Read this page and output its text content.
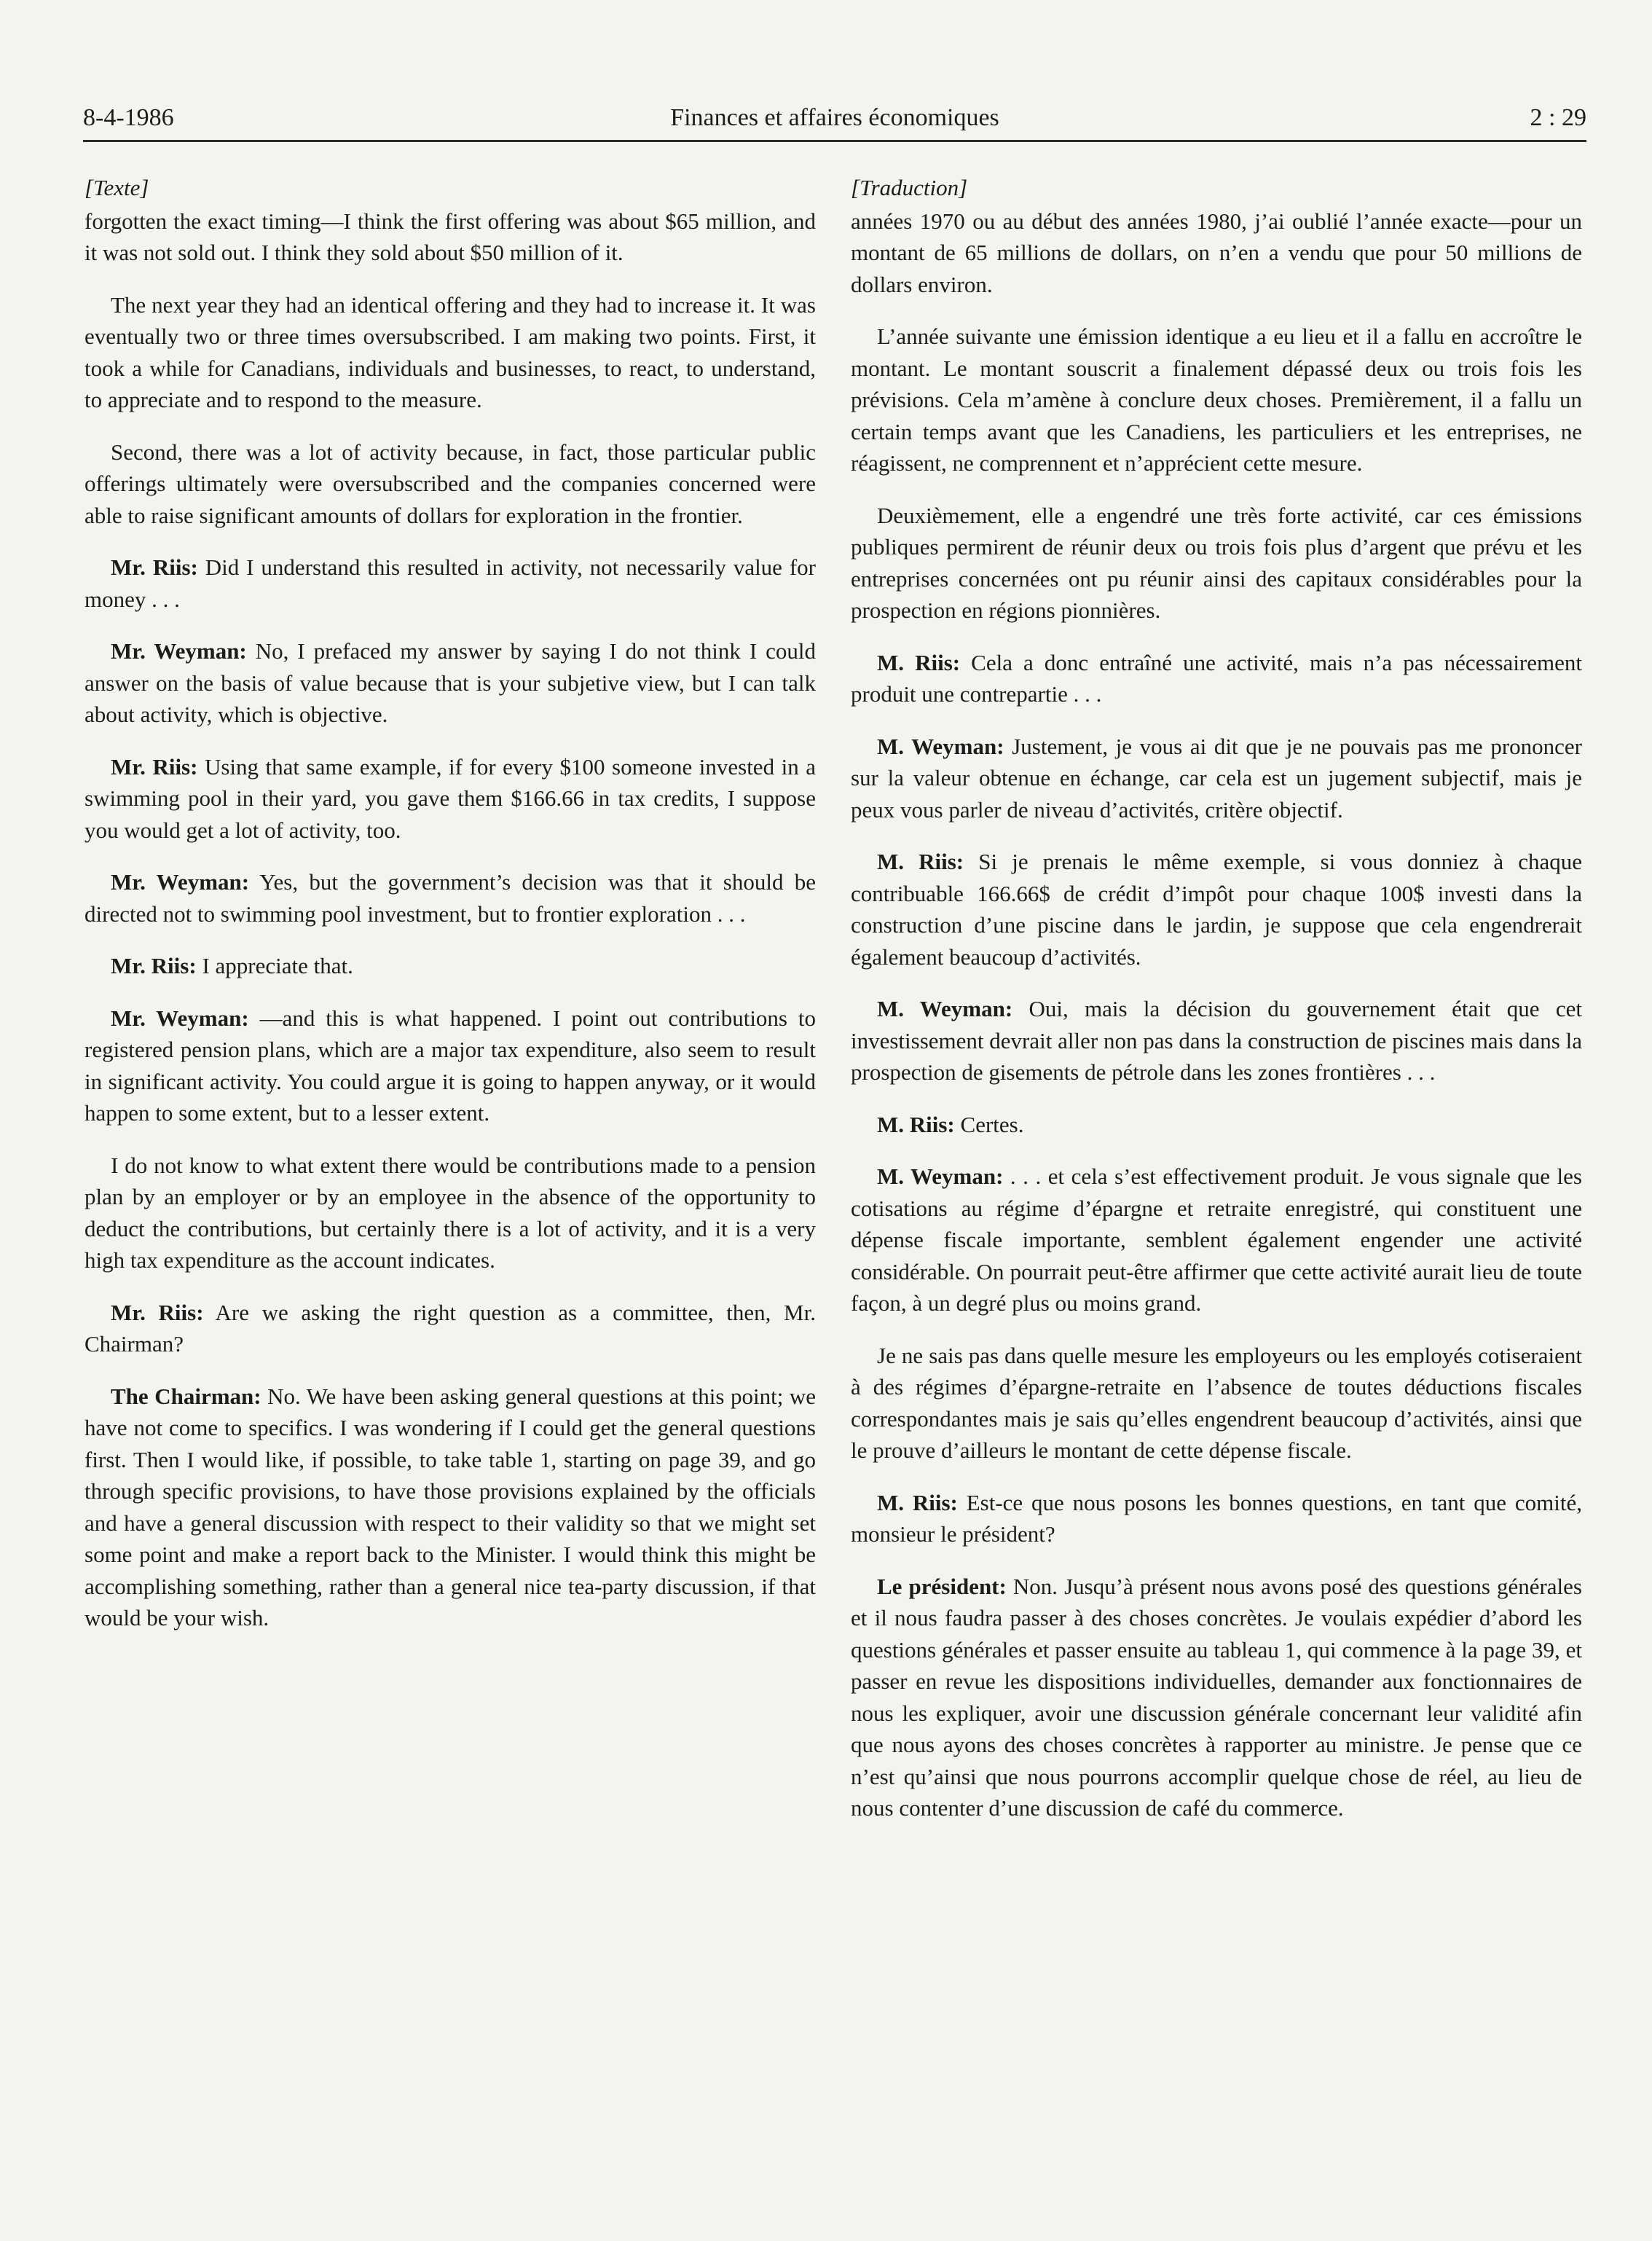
8-4-1986	Finances et affaires économiques	2 : 29
[Texte]

forgotten the exact timing—I think the first offering was about $65 million, and it was not sold out. I think they sold about $50 million of it.

The next year they had an identical offering and they had to increase it. It was eventually two or three times oversubscribed. I am making two points. First, it took a while for Canadians, individuals and businesses, to react, to understand, to appreciate and to respond to the measure.

Second, there was a lot of activity because, in fact, those particular public offerings ultimately were oversubscribed and the companies concerned were able to raise significant amounts of dollars for exploration in the frontier.

Mr. Riis: Did I understand this resulted in activity, not necessarily value for money . . .

Mr. Weyman: No, I prefaced my answer by saying I do not think I could answer on the basis of value because that is your subjetive view, but I can talk about activity, which is objective.

Mr. Riis: Using that same example, if for every $100 someone invested in a swimming pool in their yard, you gave them $166.66 in tax credits, I suppose you would get a lot of activity, too.

Mr. Weyman: Yes, but the government’s decision was that it should be directed not to swimming pool investment, but to frontier exploration . . .

Mr. Riis: I appreciate that.

Mr. Weyman: —and this is what happened. I point out contributions to registered pension plans, which are a major tax expenditure, also seem to result in significant activity. You could argue it is going to happen anyway, or it would happen to some extent, but to a lesser extent.

I do not know to what extent there would be contributions made to a pension plan by an employer or by an employee in the absence of the opportunity to deduct the contributions, but certainly there is a lot of activity, and it is a very high tax expenditure as the account indicates.

Mr. Riis: Are we asking the right question as a committee, then, Mr. Chairman?

The Chairman: No. We have been asking general questions at this point; we have not come to specifics. I was wondering if I could get the general questions first. Then I would like, if possible, to take table 1, starting on page 39, and go through specific provisions, to have those provisions explained by the officials and have a general discussion with respect to their validity so that we might set some point and make a report back to the Minister. I would think this might be accomplishing something, rather than a general nice tea-party discussion, if that would be your wish.

[Traduction]

années 1970 ou au début des années 1980, j’ai oublié l’année exacte—pour un montant de 65 millions de dollars, on n’en a vendu que pour 50 millions de dollars environ.

L’année suivante une émission identique a eu lieu et il a fallu en accroître le montant. Le montant souscrit a finalement dépassé deux ou trois fois les prévisions. Cela m’amène à conclure deux choses. Premièrement, il a fallu un certain temps avant que les Canadiens, les particuliers et les entreprises, ne réagissent, ne comprennent et n’apprécient cette mesure.

Deuxièmement, elle a engendré une très forte activité, car ces émissions publiques permirent de réunir deux ou trois fois plus d’argent que prévu et les entreprises concernées ont pu réunir ainsi des capitaux considérables pour la prospection en régions pionnières.

M. Riis: Cela a donc entraîné une activité, mais n’a pas nécessairement produit une contrepartie . . .

M. Weyman: Justement, je vous ai dit que je ne pouvais pas me prononcer sur la valeur obtenue en échange, car cela est un jugement subjectif, mais je peux vous parler de niveau d’activités, critère objectif.

M. Riis: Si je prenais le même exemple, si vous donniez à chaque contribuable 166.66$ de crédit d’impôt pour chaque 100$ investi dans la construction d’une piscine dans le jardin, je suppose que cela engendrerait également beaucoup d’activités.

M. Weyman: Oui, mais la décision du gouvernement était que cet investissement devrait aller non pas dans la construction de piscines mais dans la prospection de gisements de pétrole dans les zones frontières . . .

M. Riis: Certes.

M. Weyman: . . . et cela s’est effectivement produit. Je vous signale que les cotisations au régime d’épargne et retraite enregistré, qui constituent une dépense fiscale importante, semblent également engender une activité considérable. On pourrait peut-être affirmer que cette activité aurait lieu de toute façon, à un degré plus ou moins grand.

Je ne sais pas dans quelle mesure les employeurs ou les employés cotiseraient à des régimes d’épargne-retraite en l’absence de toutes déductions fiscales correspondantes mais je sais qu’elles engendrent beaucoup d’activités, ainsi que le prouve d’ailleurs le montant de cette dépense fiscale.

M. Riis: Est-ce que nous posons les bonnes questions, en tant que comité, monsieur le président?

Le président: Non. Jusqu’à présent nous avons posé des questions générales et il nous faudra passer à des choses concrètes. Je voulais expédier d’abord les questions générales et passer ensuite au tableau 1, qui commence à la page 39, et passer en revue les dispositions individuelles, demander aux fonctionnaires de nous les expliquer, avoir une discussion générale concernant leur validité afin que nous ayons des choses concrètes à rapporter au ministre. Je pense que ce n’est qu’ainsi que nous pourrons accomplir quelque chose de réel, au lieu de nous contenter d’une discussion de café du commerce.
